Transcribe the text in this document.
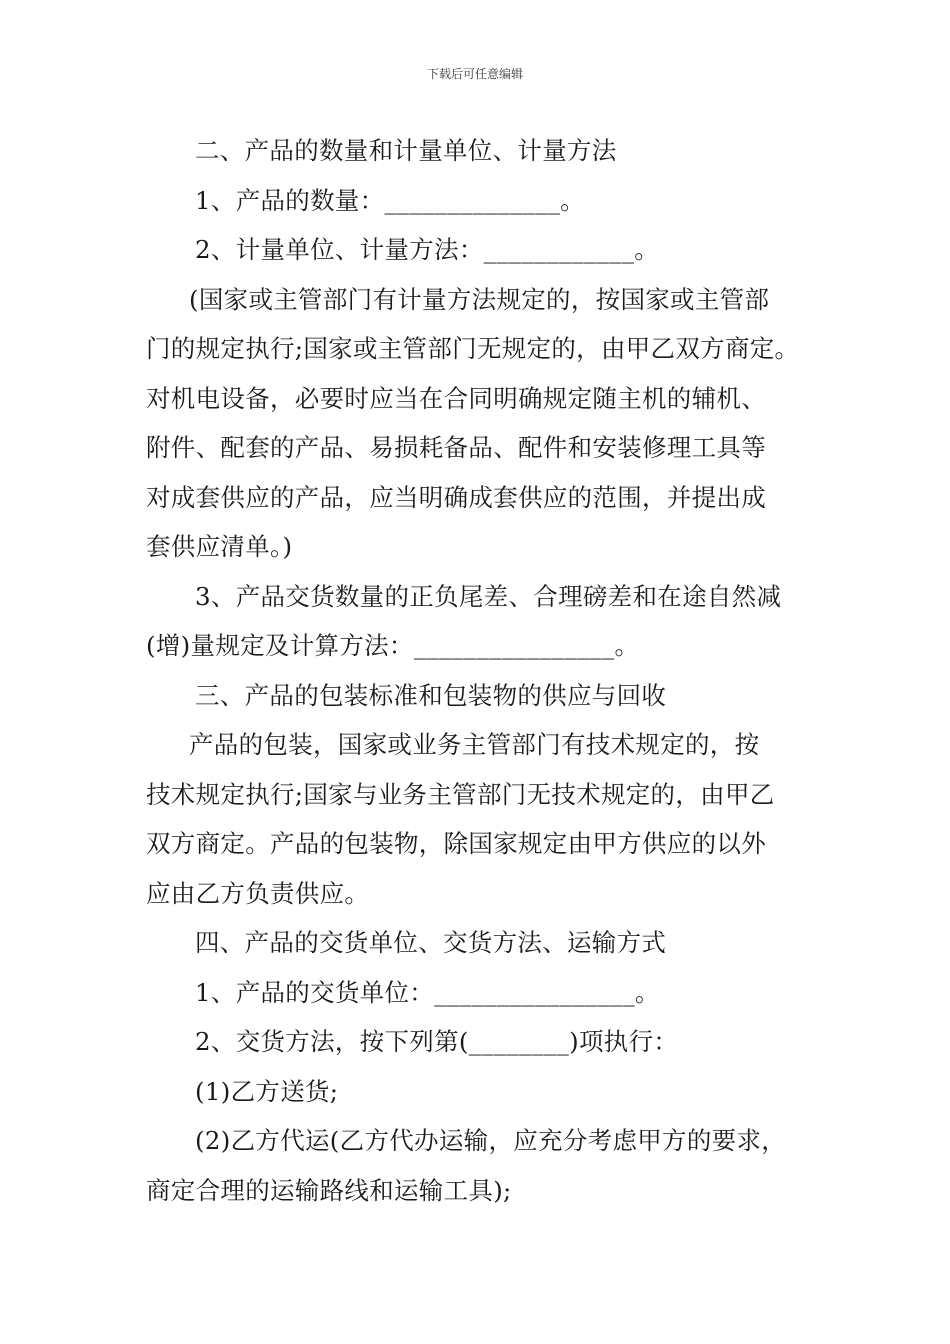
下载后可任意编辑
二、产品的数量和计量单位、计量方法
1、产品的数量：______________。
2、计量单位、计量方法：____________。
(国家或主管部门有计量方法规定的，按国家或主管部
门的规定执行;国家或主管部门无规定的，由甲乙双方商定。
对机电设备，必要时应当在合同明确规定随主机的辅机、
附件、配套的产品、易损耗备品、配件和安装修理工具等
对成套供应的产品，应当明确成套供应的范围，并提出成
套供应清单。)
3、产品交货数量的正负尾差、合理磅差和在途自然减
(增)量规定及计算方法：________________。
三、产品的包装标准和包装物的供应与回收
产品的包装，国家或业务主管部门有技术规定的，按
技术规定执行;国家与业务主管部门无技术规定的，由甲乙
双方商定。产品的包装物，除国家规定由甲方供应的以外
应由乙方负责供应。
四、产品的交货单位、交货方法、运输方式
1、产品的交货单位：________________。
2、交货方法，按下列第(________)项执行：
(1)乙方送货;
(2)乙方代运(乙方代办运输，应充分考虑甲方的要求，
商定合理的运输路线和运输工具);
